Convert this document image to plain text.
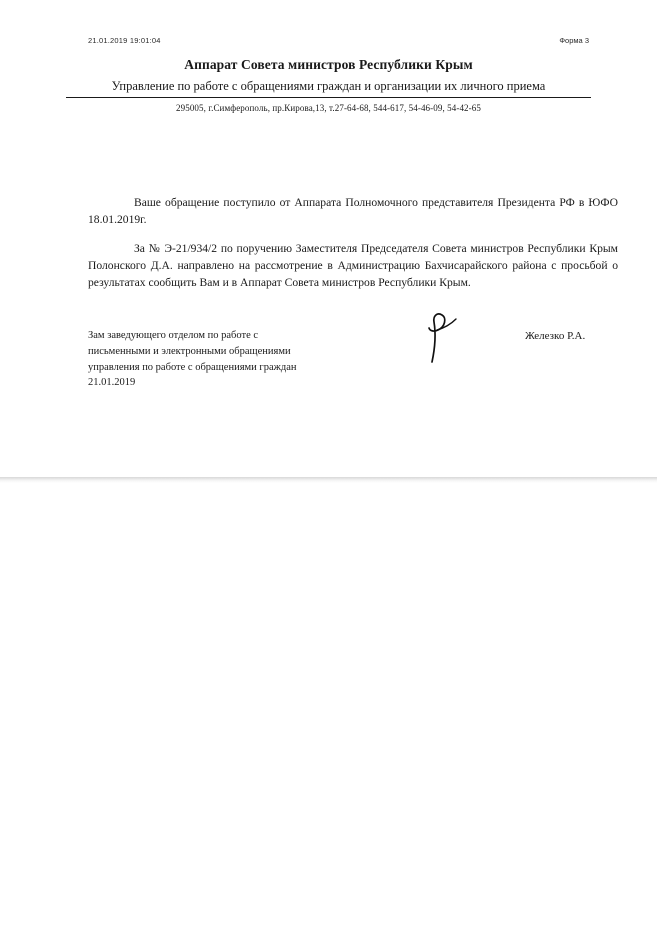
21.01.2019 19:01:04	Форма 3
Аппарат Совета министров Республики Крым
Управление по работе с обращениями граждан и организации их личного приема
295005, г.Симферополь, пр.Кирова,13, т.27-64-68, 544-617, 54-46-09, 54-42-65
Ваше обращение поступило от Аппарата Полномочного представителя Президента РФ в ЮФО 18.01.2019г.
За № Э-21/934/2 по поручению Заместителя Председателя Совета министров Республики Крым Полонского Д.А. направлено на рассмотрение в Администрацию Бахчисарайского района с просьбой о результатах сообщить Вам и в Аппарат Совета министров Республики Крым.
Зам заведующего отделом по работе с
письменными и электронными обращениями
управления по работе с обращениями граждан
21.01.2019
Железко Р.А.
